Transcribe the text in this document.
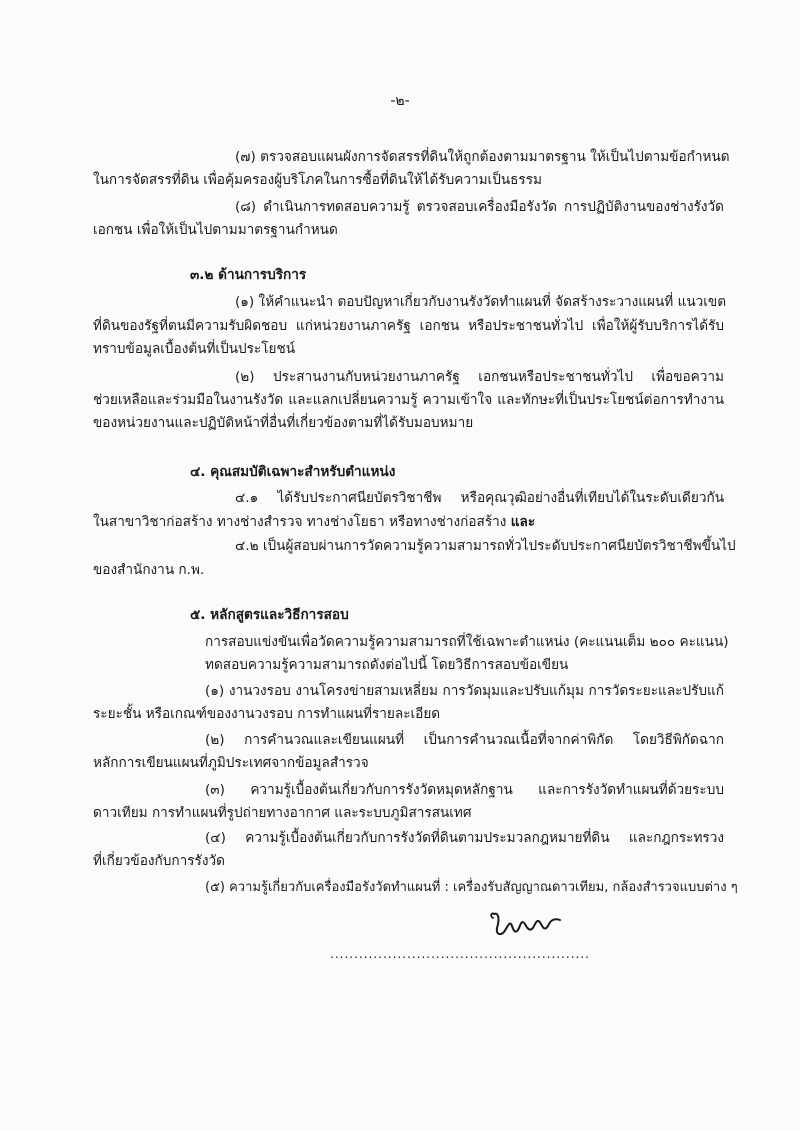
-๒-
(๗) ตรวจสอบแผนผังการจัดสรรที่ดินให้ถูกต้องตามมาตรฐาน ให้เป็นไปตามข้อกำหนด
ในการจัดสรรที่ดิน เพื่อคุ้มครองผู้บริโภคในการซื้อที่ดินให้ได้รับความเป็นธรรม
(๘) ดำเนินการทดสอบความรู้ ตรวจสอบเครื่องมือรังวัด การปฏิบัติงานของช่างรังวัด
เอกชน เพื่อให้เป็นไปตามมาตรฐานกำหนด
๓.๒ ด้านการบริการ
(๑) ให้คำแนะนำ ตอบปัญหาเกี่ยวกับงานรังวัดทำแผนที่ จัดสร้างระวางแผนที่ แนวเขต
ที่ดินของรัฐที่ตนมีความรับผิดชอบ แก่หน่วยงานภาครัฐ เอกชน หรือประชาชนทั่วไป เพื่อให้ผู้รับบริการได้รับ
ทราบข้อมูลเบื้องต้นที่เป็นประโยชน์
(๒) ประสานงานกับหน่วยงานภาครัฐ เอกชนหรือประชาชนทั่วไป เพื่อขอความ
ช่วยเหลือและร่วมมือในงานรังวัด และแลกเปลี่ยนความรู้ ความเข้าใจ และทักษะที่เป็นประโยชน์ต่อการทำงาน
ของหน่วยงานและปฏิบัติหน้าที่อื่นที่เกี่ยวข้องตามที่ได้รับมอบหมาย
๔. คุณสมบัติเฉพาะสำหรับตำแหน่ง
๔.๑ ได้รับประกาศนียบัตรวิชาชีพ หรือคุณวุฒิอย่างอื่นที่เทียบได้ในระดับเดียวกัน
ในสาขาวิชาก่อสร้าง ทางช่างสำรวจ ทางช่างโยธา หรือทางช่างก่อสร้าง และ
๔.๒ เป็นผู้สอบผ่านการวัดความรู้ความสามารถทั่วไประดับประกาศนียบัตรวิชาชีพขึ้นไป
ของสำนักงาน ก.พ.
๕. หลักสูตรและวิธีการสอบ
การสอบแข่งขันเพื่อวัดความรู้ความสามารถที่ใช้เฉพาะตำแหน่ง (คะแนนเต็ม ๒๐๐ คะแนน)
ทดสอบความรู้ความสามารถดังต่อไปนี้ โดยวิธีการสอบข้อเขียน
(๑) งานวงรอบ งานโครงข่ายสามเหลี่ยม การวัดมุมและปรับแก้มุม การวัดระยะและปรับแก้
ระยะชั้น หรือเกณฑ์ของงานวงรอบ การทำแผนที่รายละเอียด
(๒) การคำนวณและเขียนแผนที่ เป็นการคำนวณเนื้อที่จากค่าพิกัด โดยวิธีพิกัดฉาก
หลักการเขียนแผนที่ภูมิประเทศจากข้อมูลสำรวจ
(๓) ความรู้เบื้องต้นเกี่ยวกับการรังวัดหมุดหลักฐาน และการรังวัดทำแผนที่ด้วยระบบ
ดาวเทียม การทำแผนที่รูปถ่ายทางอากาศ และระบบภูมิสารสนเทศ
(๔) ความรู้เบื้องต้นเกี่ยวกับการรังวัดที่ดินตามประมวลกฎหมายที่ดิน และกฎกระทรวง
ที่เกี่ยวข้องกับการรังวัด
(๕) ความรู้เกี่ยวกับเครื่องมือรังวัดทำแผนที่ : เครื่องรับสัญญาณดาวเทียม, กล้องสำรวจแบบต่าง ๆ
......................................................
